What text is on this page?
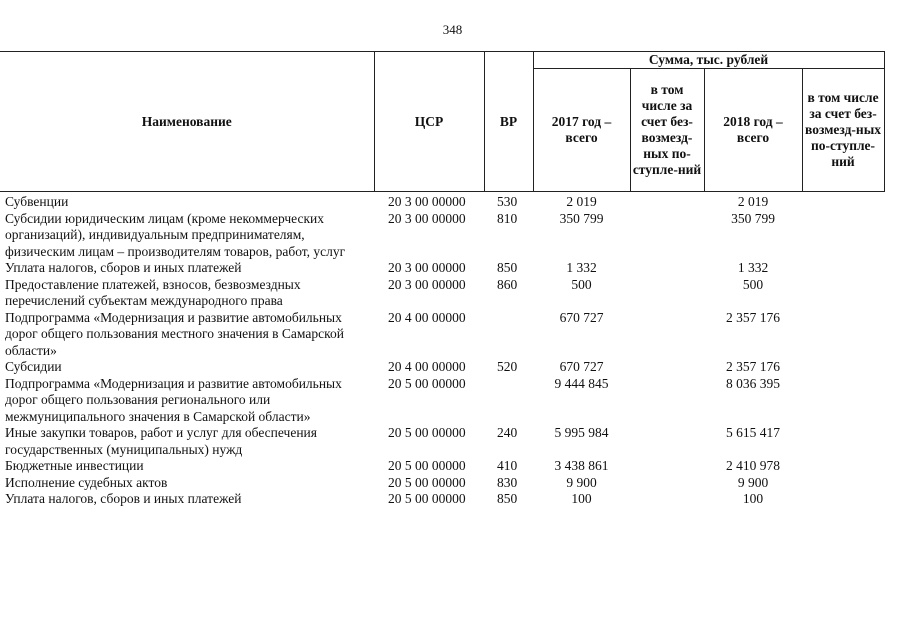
348
Наименование	ЦСР	ВР	Сумма, тыс. рублей			
			2017 год – всего	в том числе за счет без-возмезд-ных по-ступле-ний	2018 год – всего	в том числе за счет без-возмезд-ных по-ступле-ний
Субвенции	20 3 00 00000	530	2 019		2 019	
Субсидии юридическим лицам (кроме некоммерческих организаций), индивидуальным предпринимателям, физическим лицам – производителям товаров, работ, услуг	20 3 00 00000	810	350 799		350 799	
Уплата налогов, сборов и иных платежей	20 3 00 00000	850	1 332		1 332	
Предоставление платежей, взносов, безвозмездных перечислений субъектам международного права	20 3 00 00000	860	500		500	
Подпрограмма «Модернизация и развитие автомобильных дорог общего пользования местного значения в Самарской области»	20 4 00 00000		670 727		2 357 176	
Субсидии	20 4 00 00000	520	670 727		2 357 176	
Подпрограмма «Модернизация и развитие автомобильных дорог общего пользования регионального или межмуниципального значения в Самарской области»	20 5 00 00000		9 444 845		8 036 395	
Иные закупки товаров, работ и услуг для обеспечения государственных (муниципальных) нужд	20 5 00 00000	240	5 995 984		5 615 417	
Бюджетные инвестиции	20 5 00 00000	410	3 438 861		2 410 978	
Исполнение судебных актов	20 5 00 00000	830	9 900		9 900	
Уплата налогов, сборов и иных платежей	20 5 00 00000	850	100		100	
